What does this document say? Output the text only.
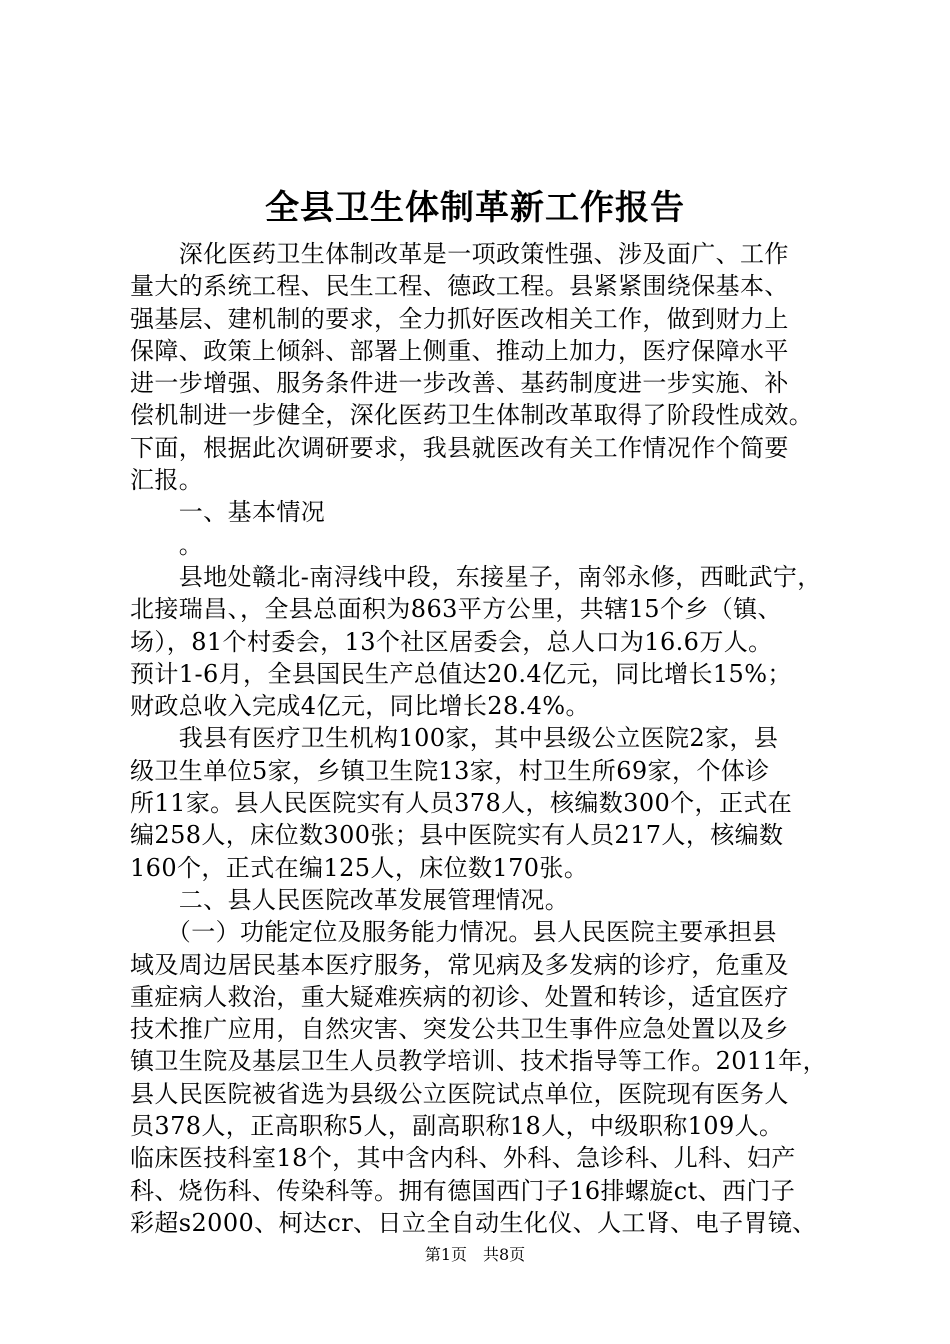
全县卫生体制革新工作报告
　　深化医药卫生体制改革是一项政策性强、涉及面广、工作
量大的系统工程、民生工程、德政工程。县紧紧围绕保基本、
强基层、建机制的要求，全力抓好医改相关工作，做到财力上
保障、政策上倾斜、部署上侧重、推动上加力，医疗保障水平
进一步增强、服务条件进一步改善、基药制度进一步实施、补
偿机制进一步健全，深化医药卫生体制改革取得了阶段性成效。
下面，根据此次调研要求，我县就医改有关工作情况作个简要
汇报。
　　一、基本情况
　　。
　　县地处赣北-南浔线中段，东接星子，南邻永修，西毗武宁，
北接瑞昌、，全县总面积为863平方公里，共辖15个乡（镇、
场），81个村委会，13个社区居委会，总人口为16.6万人。
预计1-6月，全县国民生产总值达20.4亿元，同比增长15%；
财政总收入完成4亿元，同比增长28.4%。
　　我县有医疗卫生机构100家，其中县级公立医院2家，县
级卫生单位5家，乡镇卫生院13家，村卫生所69家，个体诊
所11家。县人民医院实有人员378人，核编数300个，正式在
编258人，床位数300张；县中医院实有人员217人，核编数
160个，正式在编125人，床位数170张。
　　二、县人民医院改革发展管理情况。
　　（一）功能定位及服务能力情况。县人民医院主要承担县
域及周边居民基本医疗服务，常见病及多发病的诊疗，危重及
重症病人救治，重大疑难疾病的初诊、处置和转诊，适宜医疗
技术推广应用，自然灾害、突发公共卫生事件应急处置以及乡
镇卫生院及基层卫生人员教学培训、技术指导等工作。2011年，
县人民医院被省选为县级公立医院试点单位，医院现有医务人
员378人，正高职称5人，副高职称18人，中级职称109人。
临床医技科室18个，其中含内科、外科、急诊科、儿科、妇产
科、烧伤科、传染科等。拥有德国西门子16排螺旋ct、西门子
彩超s2000、柯达cr、日立全自动生化仪、人工肾、电子胃镜、
第1页　共8页
